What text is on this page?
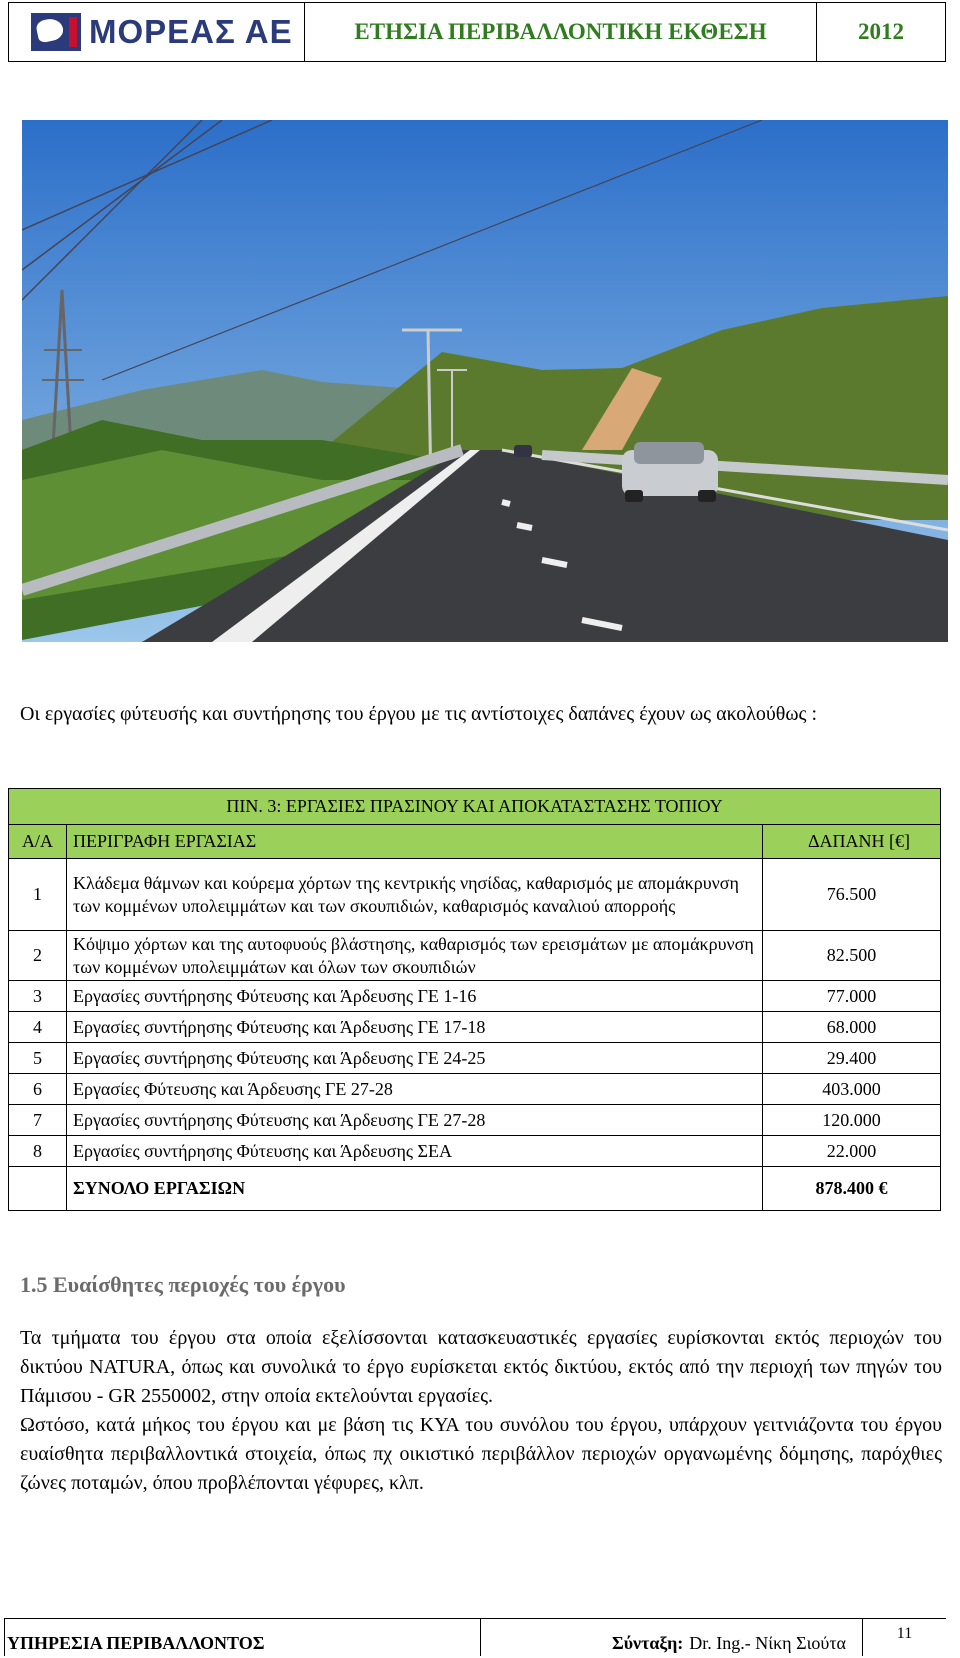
ΜΟΡΕΑΣ ΑΕ	ΕΤΗΣΙΑ ΠΕΡΙΒΑΛΛΟΝΤΙΚΗ ΕΚΘΕΣΗ	2012

Οι εργασίες φύτευσής και συντήρησης του έργου με τις αντίστοιχες δαπάνες έχουν ως ακολούθως :

ΠΙΝ. 3: ΕΡΓΑΣΙΕΣ ΠΡΑΣΙΝΟΥ ΚΑΙ ΑΠΟΚΑΤΑΣΤΑΣΗΣ ΤΟΠΙΟΥ		
Α/Α	ΠΕΡΙΓΡΑΦΗ ΕΡΓΑΣΙΑΣ	ΔΑΠΑΝΗ [€]
1	Κλάδεμα θάμνων και κούρεμα χόρτων της κεντρικής νησίδας, καθαρισμός με απομάκρυνση των κομμένων υπολειμμάτων και των σκουπιδιών, καθαρισμός καναλιού απορροής	76.500
2	Κόψιμο χόρτων και της αυτοφυούς βλάστησης, καθαρισμός των ερεισμάτων με απομάκρυνση των κομμένων υπολειμμάτων και όλων των σκουπιδιών	82.500
3	Εργασίες συντήρησης Φύτευσης και Άρδευσης ΓΕ 1-16	77.000
4	Εργασίες συντήρησης Φύτευσης και Άρδευσης ΓΕ 17-18	68.000
5	Εργασίες συντήρησης Φύτευσης και Άρδευσης ΓΕ 24-25	29.400
6	Εργασίες Φύτευσης και Άρδευσης ΓΕ 27-28	403.000
7	Εργασίες συντήρησης Φύτευσης και Άρδευσης ΓΕ 27-28	120.000
8	Εργασίες συντήρησης Φύτευσης και Άρδευσης ΣΕΑ	22.000
	ΣΥΝΟΛΟ ΕΡΓΑΣΙΩΝ	878.400 €
1.5 Ευαίσθητες περιοχές του έργου

Τα τμήματα του έργου στα οποία εξελίσσονται κατασκευαστικές εργασίες ευρίσκονται εκτός περιοχών του δικτύου NATURA, όπως και συνολικά το έργο ευρίσκεται εκτός δικτύου, εκτός από την περιοχή των πηγών του Πάμισου - GR 2550002, στην οποία εκτελούνται εργασίες.

Ωστόσο, κατά μήκος του έργου και με βάση τις ΚΥΑ του συνόλου του έργου, υπάρχουν γειτνιάζοντα του έργου ευαίσθητα περιβαλλοντικά στοιχεία, όπως πχ οικιστικό περιβάλλον περιοχών οργανωμένης δόμησης, παρόχθιες ζώνες ποταμών, όπου προβλέπονται γέφυρες, κλπ.

ΥΠΗΡΕΣΙΑ ΠΕΡΙΒΑΛΛΟΝΤΟΣ	Σύνταξη: Dr. Ing.- Νίκη Σιούτα	11
